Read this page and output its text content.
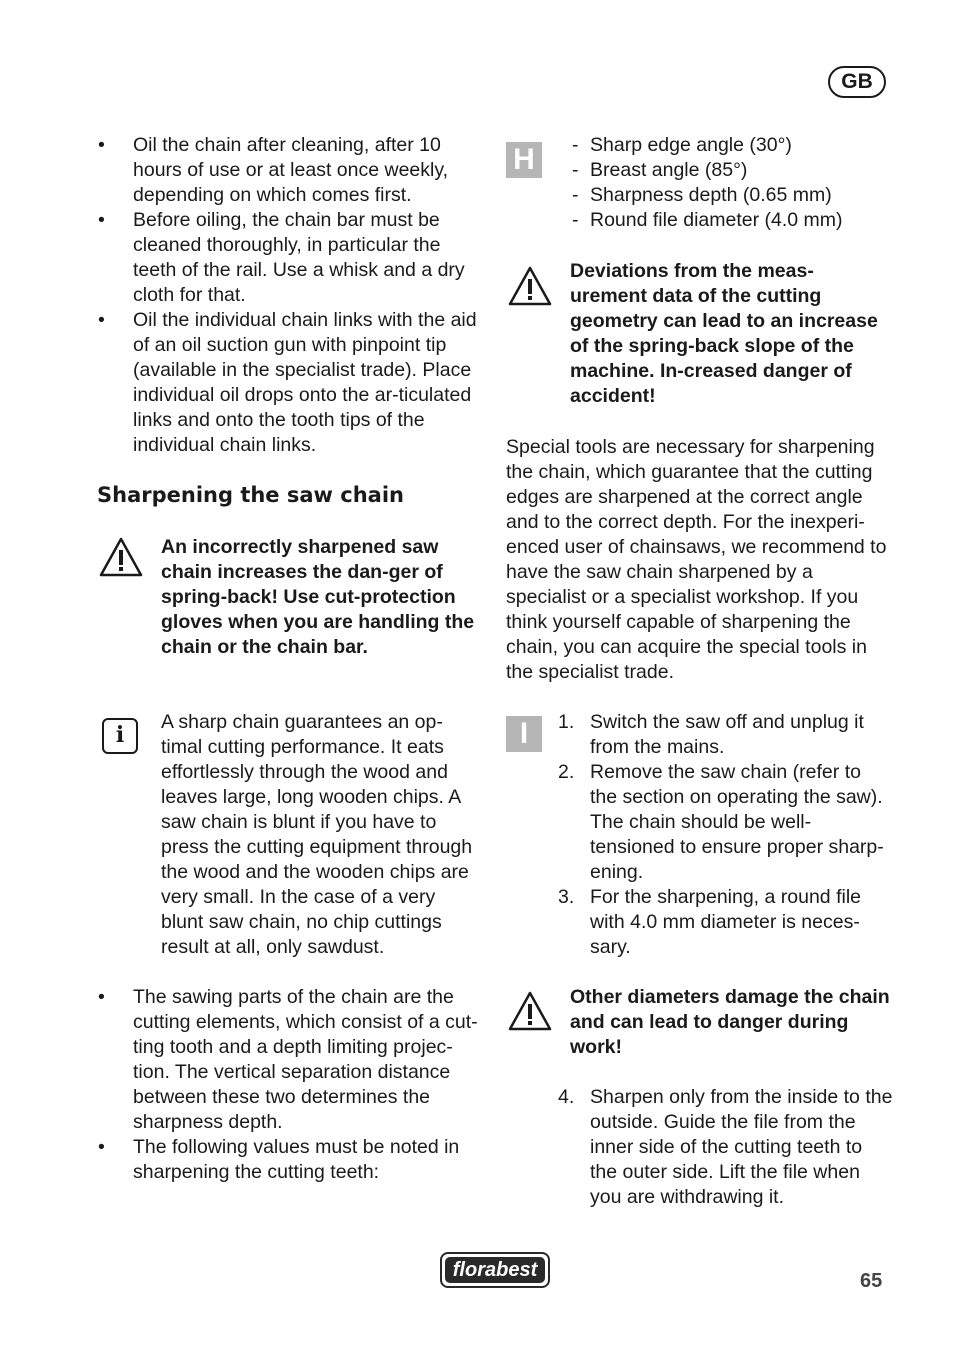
GB
• Oil the chain after cleaning, after 10 hours of use or at least once weekly, depending on which comes first.
• Before oiling, the chain bar must be cleaned thoroughly, in particular the teeth of the rail. Use a whisk and a dry cloth for that.
• Oil the individual chain links with the aid of an oil suction gun with pinpoint tip (available in the specialist trade). Place individual oil drops onto the ar-ticulated links and onto the tooth tips of the individual chain links.
Sharpening the saw chain
An incorrectly sharpened saw chain increases the dan-ger of spring-back! Use cut-protection gloves when you are handling the chain or the chain bar.
i	A sharp chain guarantees an op-timal cutting performance. It eats effortlessly through the wood and leaves large, long wooden chips. A saw chain is blunt if you have to press the cutting equipment through the wood and the wooden chips are very small. In the case of a very blunt saw chain, no chip cuttings result at all, only sawdust.
• The sawing parts of the chain are the cutting elements, which consist of a cut-ting tooth and a depth limiting projec-tion. The vertical separation distance between these two determines the sharpness depth.
• The following values must be noted in sharpening the cutting teeth:
H
-	Sharp edge angle (30°)
- Breast angle (85°)
- Sharpness depth (0.65 mm)
- Round file diameter (4.0 mm)
Deviations from the meas-urement data of the cutting geometry can lead to an increase of the spring-back slope of the machine. In-creased danger of accident!
Special tools are necessary for sharpening the chain, which guarantee that the cutting edges are sharpened at the correct angle and to the correct depth. For the inexperi-enced user of chainsaws, we recommend to have the saw chain sharpened by a specialist or a specialist workshop. If you think yourself capable of sharpening the chain, you can acquire the special tools in the specialist trade.
I	1. Switch the saw off and unplug it from the mains.
2. Remove the saw chain (refer to the section on operating the saw). The chain should be well-tensioned to ensure proper sharp-ening.
3. For the sharpening, a round file with 4.0 mm diameter is neces-sary.
Other diameters damage the chain and can lead to danger during work!
4. Sharpen only from the inside to the outside. Guide the file from the inner side of the cutting teeth to the outer side. Lift the file when you are withdrawing it.
florabest	65
